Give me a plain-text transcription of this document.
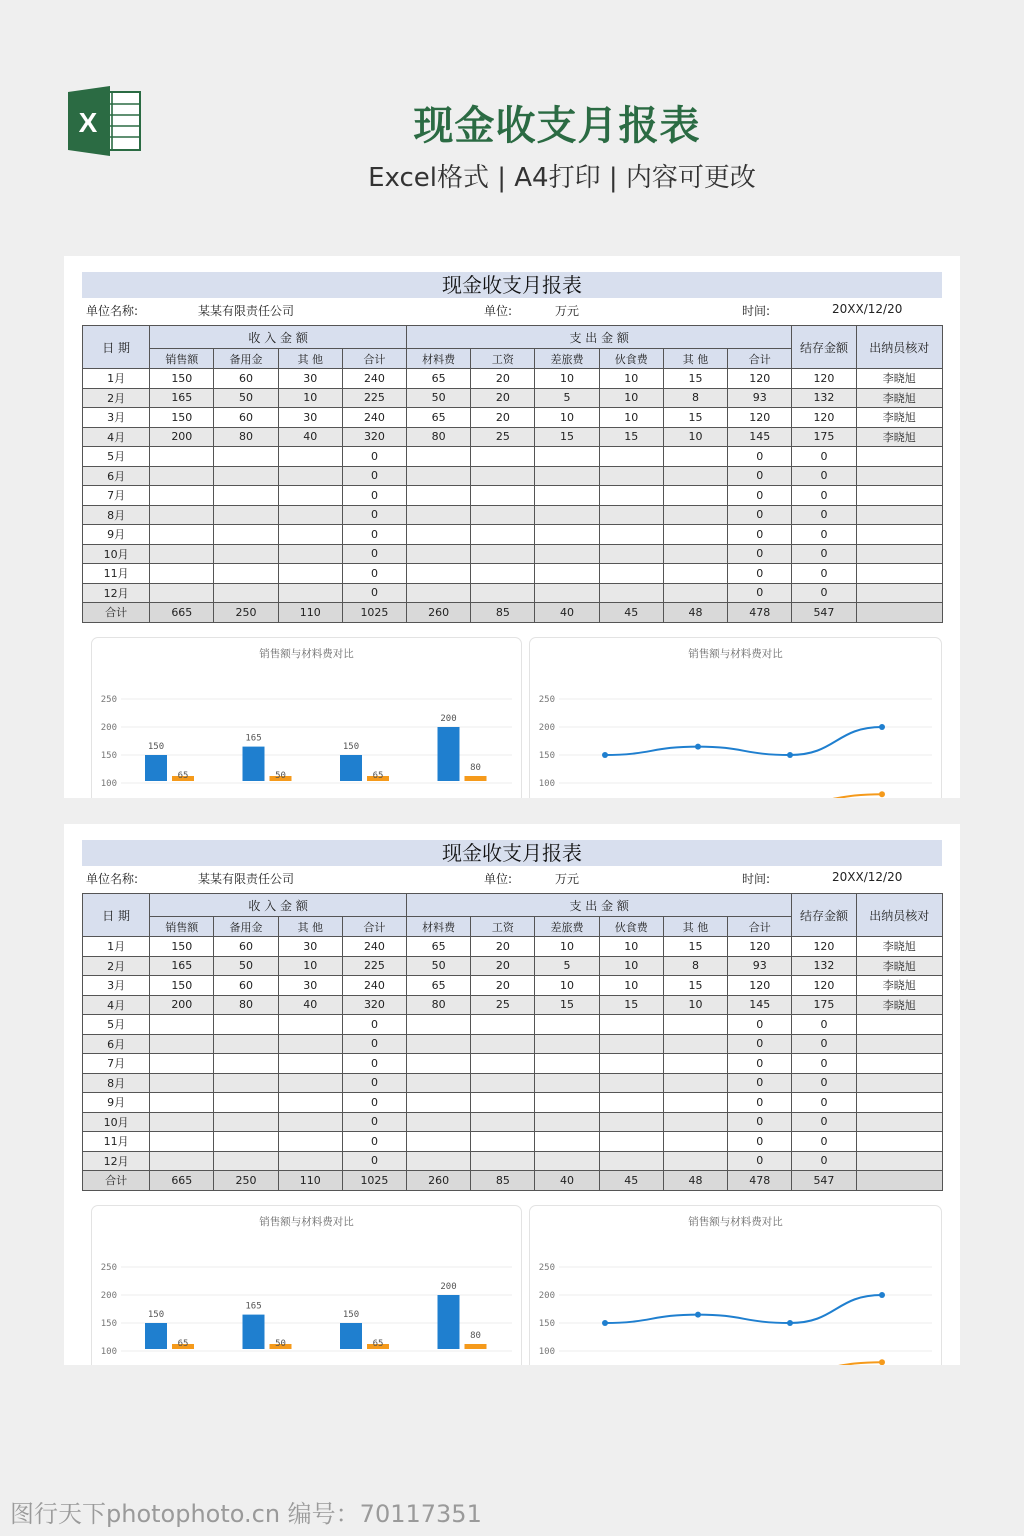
X	现金收支月报表
Excel格式 | A4打印 | 内容可更改
现金收支月报表
单位名称:	某某有限责任公司	单位:	万元	时间:	20XX/12/20
日 期	收 入 金 额				支 出 金 额						结存金额	出纳员核对
	销售额	备用金	其 他	合计	材料费	工资	差旅费	伙食费	其 他	合计		
1月	150	60	30	240	65	20	10	10	15	120	120	李晓旭
2月	165	50	10	225	50	20	5	10	8	93	132	李晓旭
3月	150	60	30	240	65	20	10	10	15	120	120	李晓旭
4月	200	80	40	320	80	25	15	15	10	145	175	李晓旭
5月				0						0	0	
6月				0						0	0	
7月				0						0	0	
8月				0						0	0	
9月				0						0	0	
10月				0						0	0	
11月				0						0	0	
12月				0						0	0	
合计	665	250	110	1025	260	85	40	45	48	478	547	
100
150
200
250
150
65
165
50
150
65
200
80
销售额与材料费对比
100
150
200
250
销售额与材料费对比
现金收支月报表
单位名称:	某某有限责任公司	单位:	万元	时间:	20XX/12/20
日 期	收 入 金 额				支 出 金 额						结存金额	出纳员核对
	销售额	备用金	其 他	合计	材料费	工资	差旅费	伙食费	其 他	合计		
1月	150	60	30	240	65	20	10	10	15	120	120	李晓旭
2月	165	50	10	225	50	20	5	10	8	93	132	李晓旭
3月	150	60	30	240	65	20	10	10	15	120	120	李晓旭
4月	200	80	40	320	80	25	15	15	10	145	175	李晓旭
5月				0						0	0	
6月				0						0	0	
7月				0						0	0	
8月				0						0	0	
9月				0						0	0	
10月				0						0	0	
11月				0						0	0	
12月				0						0	0	
合计	665	250	110	1025	260	85	40	45	48	478	547	
100
150
200
250
150
65
165
50
150
65
200
80
销售额与材料费对比
100
150
200
250
销售额与材料费对比
图行天下photophoto.cn 编号：70117351
